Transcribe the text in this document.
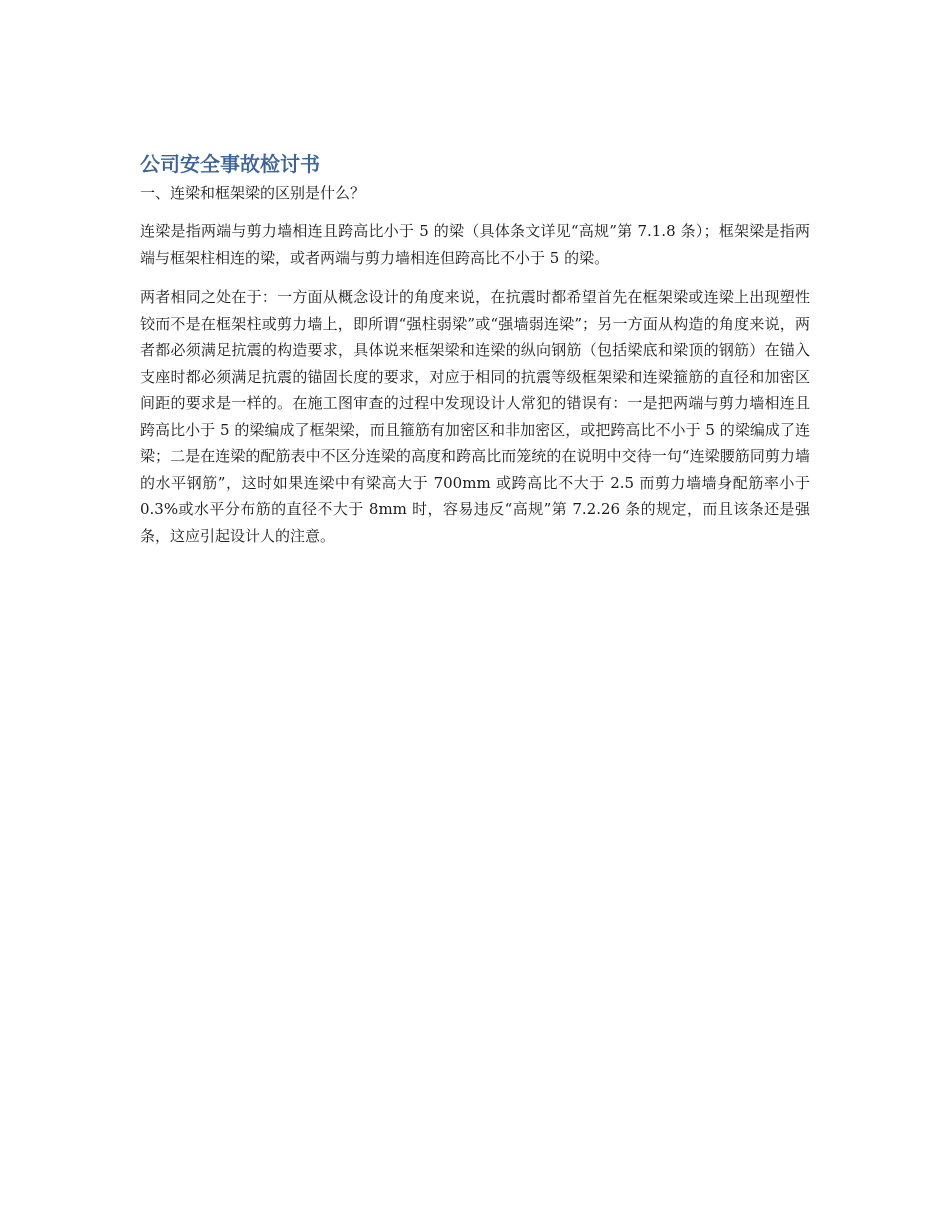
公司安全事故检讨书
一、连梁和框架梁的区别是什么？

连梁是指两端与剪力墙相连且跨高比小于 5 的梁（具体条文详见“高规”第 7.1.8 条）；框架梁是指两端与框架柱相连的梁，或者两端与剪力墙相连但跨高比不小于 5 的梁。

两者相同之处在于：一方面从概念设计的角度来说，在抗震时都希望首先在框架梁或连梁上出现塑性铰而不是在框架柱或剪力墙上，即所谓“强柱弱梁”或“强墙弱连梁”；另一方面从构造的角度来说，两者都必须满足抗震的构造要求，具体说来框架梁和连梁的纵向钢筋（包括梁底和梁顶的钢筋）在锚入支座时都必须满足抗震的锚固长度的要求，对应于相同的抗震等级框架梁和连梁箍筋的直径和加密区间距的要求是一样的。在施工图审查的过程中发现设计人常犯的错误有：一是把两端与剪力墙相连且跨高比小于 5 的梁编成了框架梁，而且箍筋有加密区和非加密区，或把跨高比不小于 5 的梁编成了连梁；二是在连梁的配筋表中不区分连梁的高度和跨高比而笼统的在说明中交待一句“连梁腰筋同剪力墙的水平钢筋”，这时如果连梁中有梁高大于 700mm 或跨高比不大于 2.5 而剪力墙墙身配筋率小于 0.3%或水平分布筋的直径不大于 8mm 时，容易违反“高规”第 7.2.26 条的规定，而且该条还是强条，这应引起设计人的注意。
